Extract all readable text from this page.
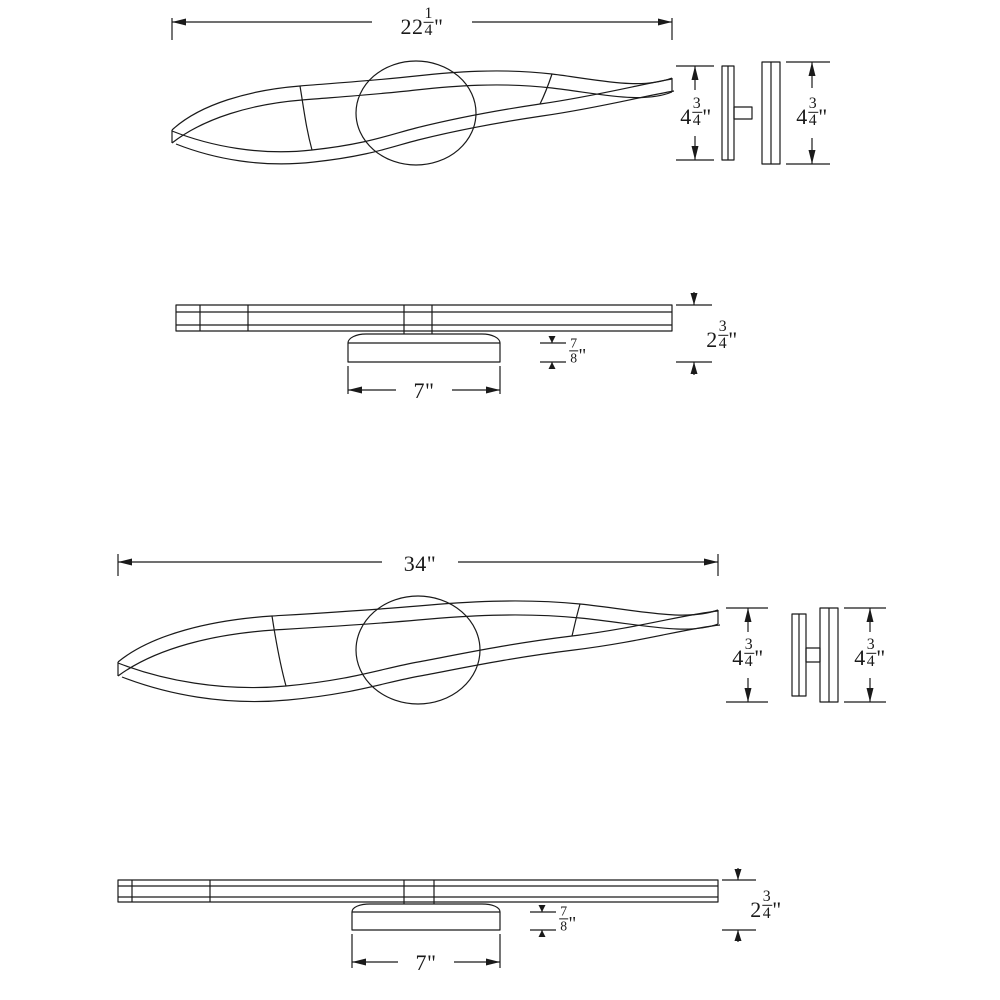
$22 \frac{1}{4}$ "
$4 \frac{3}{4}$ "	$4 \frac{3}{4}$ "
7"
$\frac{7}{8}$ "
$2 \frac{3}{4}$ "
34"
$4 \frac{3}{4}$ "	$4 \frac{3}{4}$ "
7"
$\frac{7}{8}$ "
$2 \frac{3}{4}$ "
